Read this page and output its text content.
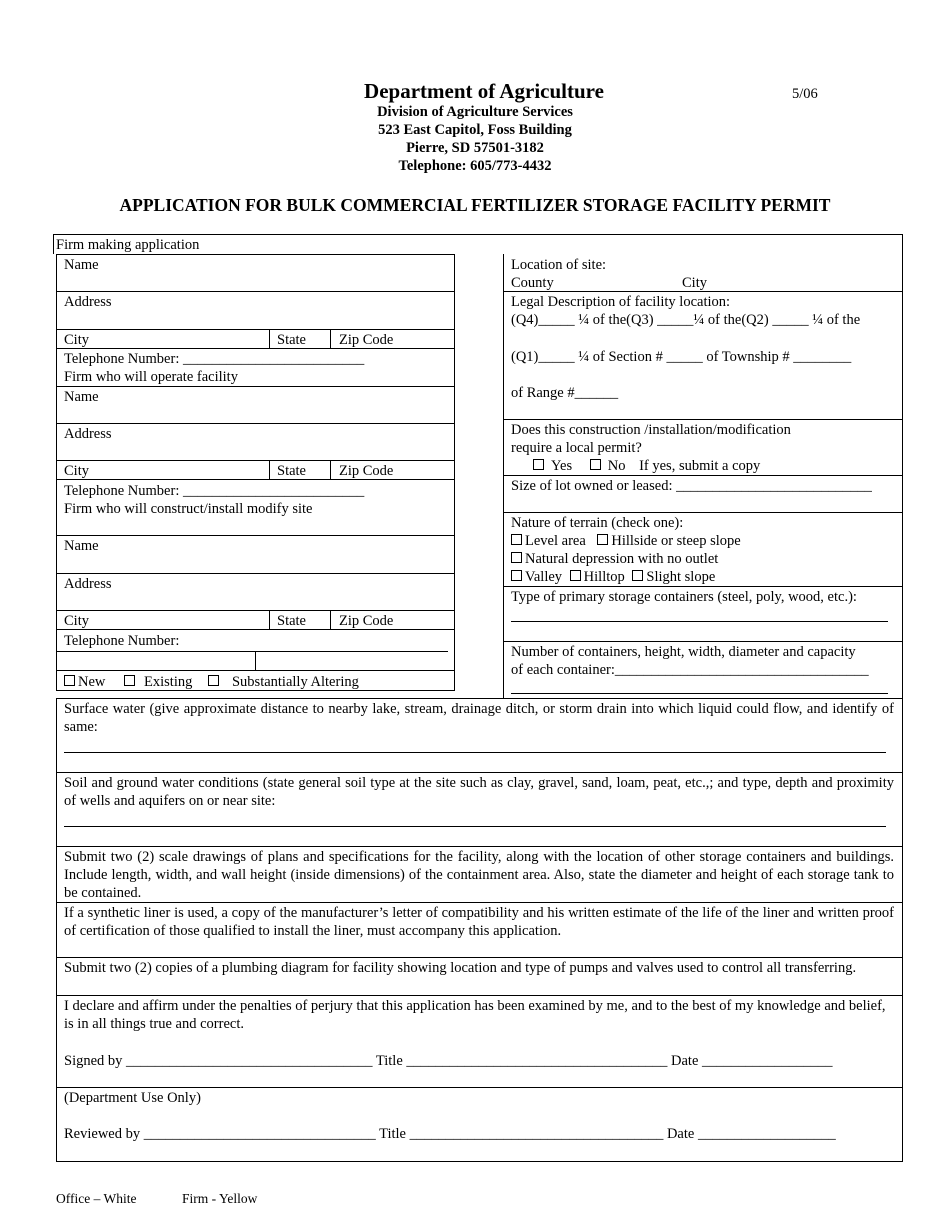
Department of Agriculture	5/06
Division of Agriculture Services
523 East Capitol, Foss Building
Pierre, SD 57501-3182
Telephone: 605/773-4432
APPLICATION FOR BULK COMMERCIAL FERTILIZER STORAGE FACILITY PERMIT
Firm making application
Name
Address
City	State Zip Code
Telephone Number: _________________________
Firm who will operate facility
Name
Address
City	State Zip Code
Telephone Number: _________________________
Firm who will construct/install modify site
Name
Address
City	State Zip Code
Telephone Number:
New	Existing	Substantially Altering
Location of site:
County	City
Legal Description of facility location:
(Q4)_____ ¼ of the(Q3) _____¼ of the(Q2) _____ ¼ of the
(Q1)_____ ¼ of Section # _____ of Township # ________
of Range #______
Does this construction /installation/modification
require a local permit?
Yes No If yes, submit a copy
Size of lot owned or leased: ___________________________
Nature of terrain (check one):
Level area Hillside or steep slope
Natural depression with no outlet
Valley Hilltop Slight slope
Type of primary storage containers (steel, poly, wood, etc.):
Number of containers, height, width, diameter and capacity
of each container:___________________________________
Surface water (give approximate distance to nearby lake, stream, drainage ditch, or storm drain into which liquid could flow, and identify of same:
Soil and ground water conditions (state general soil type at the site such as clay, gravel, sand, loam, peat, etc.,; and type, depth and proximity of wells and aquifers on or near site:
Submit two (2) scale drawings of plans and specifications for the facility, along with the location of other storage containers and buildings. Include length, width, and wall height (inside dimensions) of the containment area. Also, state the diameter and height of each storage tank to be contained.
If a synthetic liner is used, a copy of the manufacturer’s letter of compatibility and his written estimate of the life of the liner and written proof of certification of those qualified to install the liner, must accompany this application.
Submit two (2) copies of a plumbing diagram for facility showing location and type of pumps and valves used to control all transferring.
I declare and affirm under the penalties of perjury that this application has been examined by me, and to the best of my knowledge and belief, is in all things true and correct.
Signed by __________________________________ Title ____________________________________ Date __________________
(Department Use Only)
Reviewed by ________________________________ Title ___________________________________ Date ___________________
Office – White	Firm - Yellow
